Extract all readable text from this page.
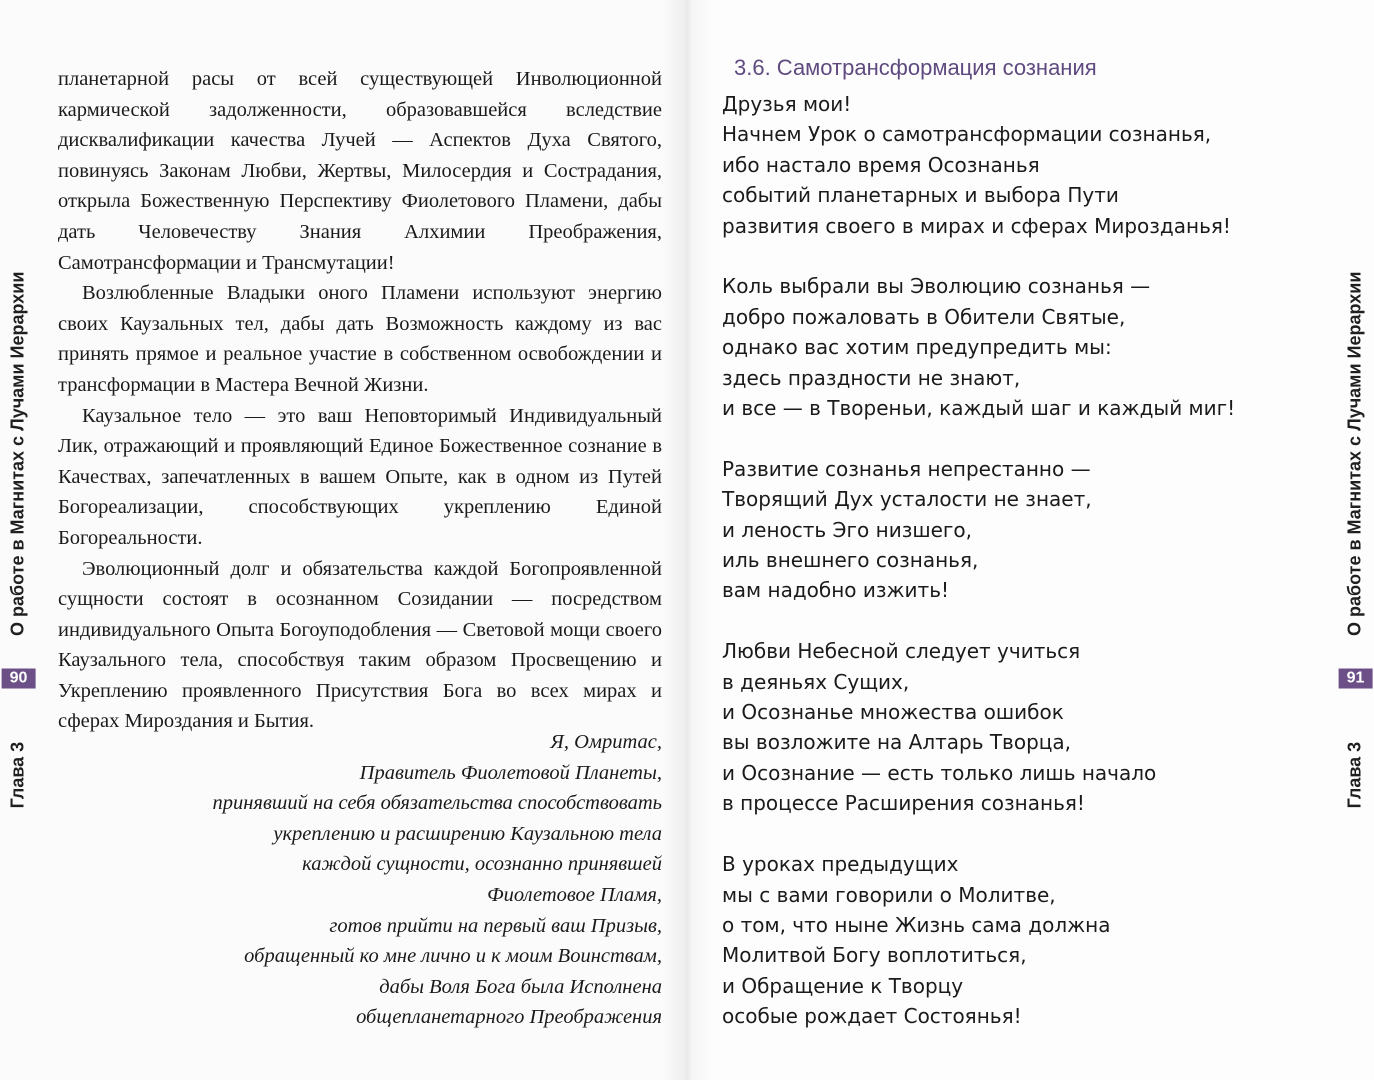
Глава 3
90
О работе в Магнитах с Лучами Иерархии

планетарной расы от всей существующей Инволюционной кармической задолженности, образовавшейся вследствие дисквалификации качества Лучей — Аспектов Духа Святого, повинуясь Законам Любви, Жертвы, Милосердия и Сострадания, открыла Божественную Перспективу Фиолетового Пламени, дабы дать Человечеству Знания Алхимии Преображения, Самотрансформации и Трансмутации!

Возлюбленные Владыки оного Пламени используют энергию своих Каузальных тел, дабы дать Возможность каждому из вас принять прямое и реальное участие в собственном освобождении и трансформации в Мастера Вечной Жизни.

Каузальное тело — это ваш Неповторимый Индивидуальный Лик, отражающий и проявляющий Единое Божественное сознание в Качествах, запечатленных в вашем Опыте, как в одном из Путей Богореализации, способствующих укреплению Единой Богореальности.

Эволюционный долг и обязательства каждой Богопроявленной сущности состоят в осознанном Созидании — посредством индивидуального Опыта Богоуподобления — Световой мощи своего Каузального тела, способствуя таким образом Просвещению и Укреплению проявленного Присутствия Бога во всех мирах и сферах Мироздания и Бытия.

Я, Омритас,
Правитель Фиолетовой Планеты,
принявший на себя обязательства способствовать
укреплению и расширению Каузальною тела
каждой сущности, осознанно принявшей
Фиолетовое Пламя,
готов прийти на первый ваш Призыв,
обращенный ко мне лично и к моим Воинствам,
дабы Воля Бога была Исполнена
общепланетарного Преображения
3.6. Самотрансформация сознания
Друзья мои!
Начнем Урок о самотрансформации сознанья,
ибо настало время Осознанья
событий планетарных и выбора Пути
развития своего в мирах и сферах Мирозданья!
Коль выбрали вы Эволюцию сознанья —
добро пожаловать в Обители Святые,
однако вас хотим предупредить мы:
здесь праздности не знают,
и все — в Твореньи, каждый шаг и каждый миг!
Развитие сознанья непрестанно —
Творящий Дух усталости не знает,
и леность Эго низшего,
иль внешнего сознанья,
вам надобно изжить!
Любви Небесной следует учиться
в деяньях Сущих,
и Осознанье множества ошибок
вы возложите на Алтарь Творца,
и Осознание — есть только лишь начало
в процессе Расширения сознанья!
В уроках предыдущих
мы с вами говорили о Молитве,
о том, что ныне Жизнь сама должна
Молитвой Богу воплотиться,
и Обращение к Творцу
особые рождает Состоянья!
Глава 3
91
О работе в Магнитах с Лучами Иерархии
